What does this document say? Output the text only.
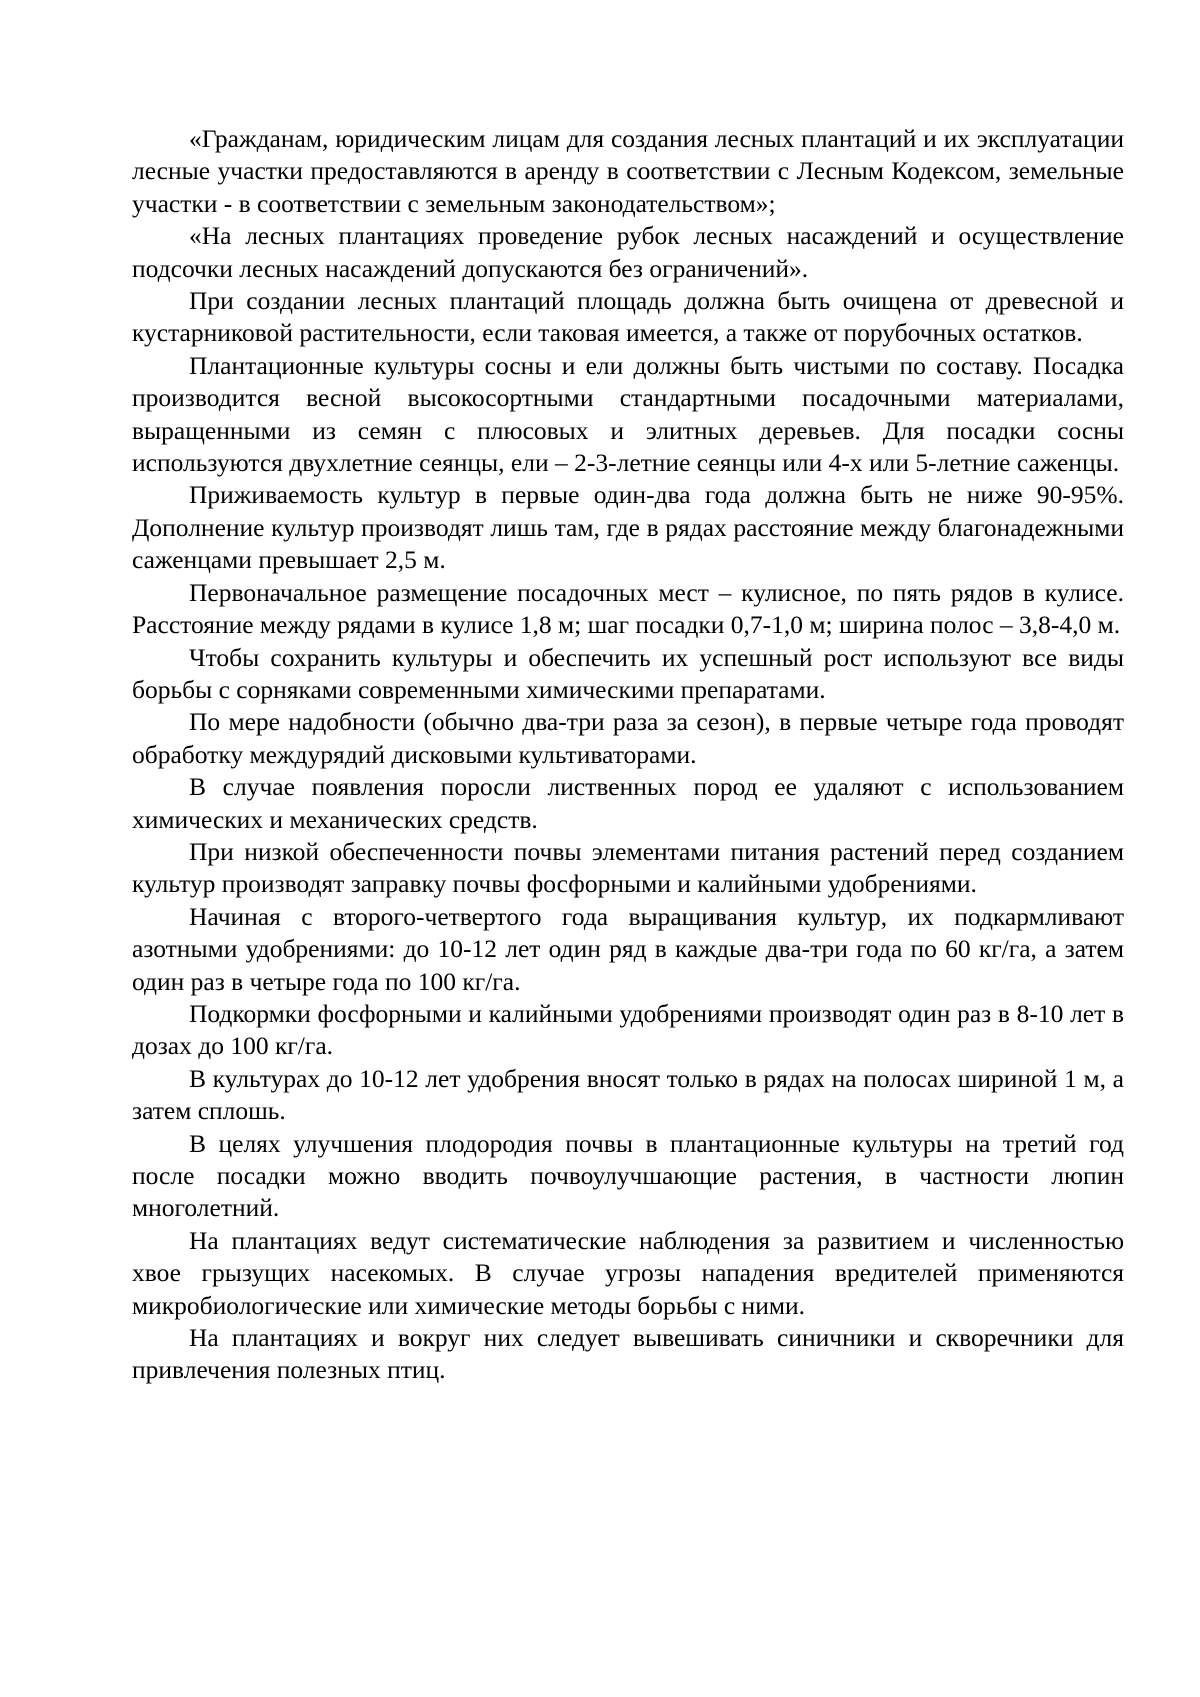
«Гражданам, юридическим лицам для создания лесных плантаций и их эксплуатации лесные участки предоставляются в аренду в соответствии с Лесным Кодексом, земельные участки - в соответствии с земельным законодательством»;

«На лесных плантациях проведение рубок лесных насаждений и осуществление подсочки лесных насаждений допускаются без ограничений».

При создании лесных плантаций площадь должна быть очищена от древесной и кустарниковой растительности, если таковая имеется, а также от порубочных остатков.

Плантационные культуры сосны и ели должны быть чистыми по составу. Посадка производится весной высокосортными стандартными посадочными материалами, выращенными из семян с плюсовых и элитных деревьев. Для посадки сосны используются двухлетние сеянцы, ели – 2-3-летние сеянцы или 4-х или 5-летние саженцы.

Приживаемость культур в первые один-два года должна быть не ниже 90-95%. Дополнение культур производят лишь там, где в рядах расстояние между благонадежными саженцами превышает 2,5 м.

Первоначальное размещение посадочных мест – кулисное, по пять рядов в кулисе. Расстояние между рядами в кулисе 1,8 м; шаг посадки 0,7-1,0 м; ширина полос – 3,8-4,0 м.

Чтобы сохранить культуры и обеспечить их успешный рост используют все виды борьбы с сорняками современными химическими препаратами.

По мере надобности (обычно два-три раза за сезон), в первые четыре года проводят обработку междурядий дисковыми культиваторами.

В случае появления поросли лиственных пород ее удаляют с использованием химических и механических средств.

При низкой обеспеченности почвы элементами питания растений перед созданием культур производят заправку почвы фосфорными и калийными удобрениями.

Начиная с второго-четвертого года выращивания культур, их подкармливают азотными удобрениями: до 10-12 лет один ряд в каждые два-три года по 60 кг/га, а затем один раз в четыре года по 100 кг/га.

Подкормки фосфорными и калийными удобрениями производят один раз в 8-10 лет в дозах до 100 кг/га.

В культурах до 10-12 лет удобрения вносят только в рядах на полосах шириной 1 м, а затем сплошь.

В целях улучшения плодородия почвы в плантационные культуры на третий год после посадки можно вводить почвоулучшающие растения, в частности люпин многолетний.

На плантациях ведут систематические наблюдения за развитием и численностью хвое грызущих насекомых. В случае угрозы нападения вредителей применяются микробиологические или химические методы борьбы с ними.

На плантациях и вокруг них следует вывешивать синичники и скворечники для привлечения полезных птиц.
